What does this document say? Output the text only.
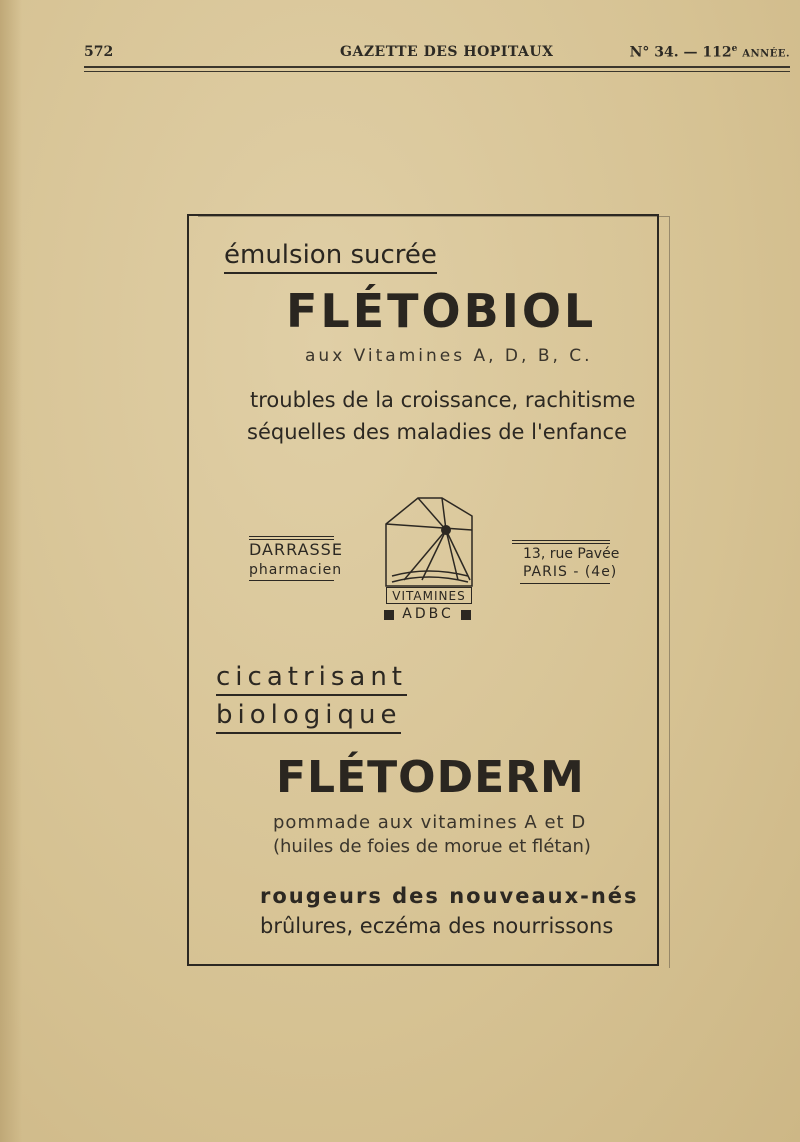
572	GAZETTE DES HOPITAUX	N° 34. — 112e ANNÉE.
émulsion sucrée
FLÉTOBIOL
aux Vitamines A, D, B, C.
troubles de la croissance, rachitisme
séquelles des maladies de l'enfance
DARRASSE
pharmacien
13, rue Pavée
PARIS - (4e)
VITAMINES
ADBC
cicatrisant
biologique
FLÉTODERM
pommade aux vitamines A et D
(huiles de foies de morue et flétan)
rougeurs des nouveaux-nés
brûlures, eczéma des nourrissons
